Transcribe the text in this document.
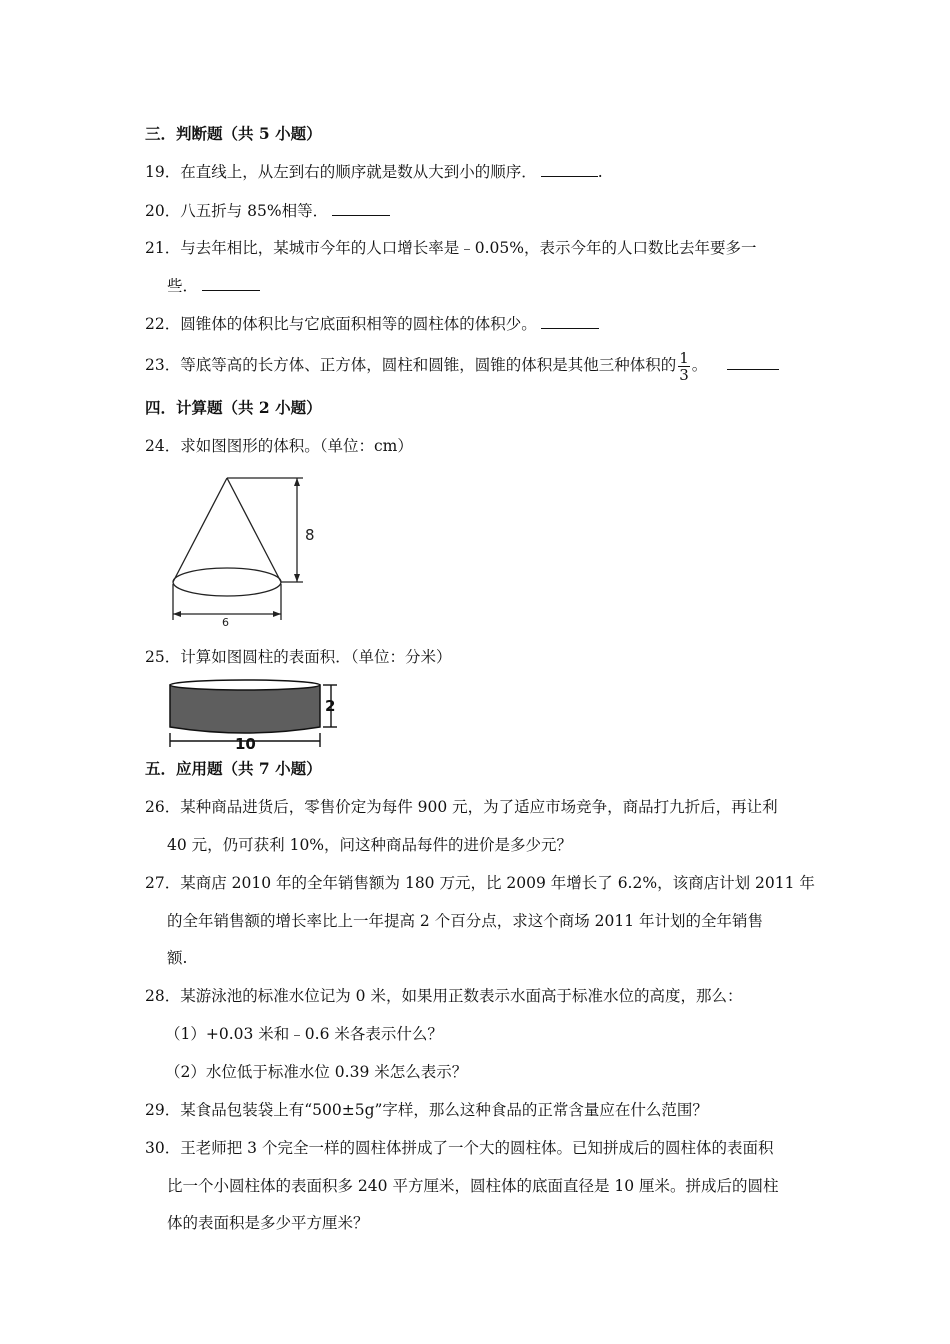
三．判断题（共 5 小题）
19．在直线上，从左到右的顺序就是数从大到小的顺序．	.
20．八五折与 85%相等．
21．与去年相比，某城市今年的人口增长率是﹣0.05%，表示今年的人口数比去年要多一
些．
22．圆锥体的体积比与它底面积相等的圆柱体的体积少。
23．等底等高的长方体、正方体，圆柱和圆锥，圆锥的体积是其他三种体积的 $\frac{1}{3}$ 。
四．计算题（共 2 小题）
24．求如图图形的体积。（单位：cm）
8
6
25．计算如图圆柱的表面积．（单位：分米）
2
10
五．应用题（共 7 小题）
26．某种商品进货后，零售价定为每件 900 元，为了适应市场竞争，商品打九折后，再让利
40 元，仍可获利 10%，问这种商品每件的进价是多少元？
27．某商店 2010 年的全年销售额为 180 万元，比 2009 年增长了 6.2%，该商店计划 2011 年
的全年销售额的增长率比上一年提高 2 个百分点，求这个商场 2011 年计划的全年销售
额.
28．某游泳池的标准水位记为 0 米，如果用正数表示水面高于标准水位的高度，那么：
（1）+0.03 米和﹣0.6 米各表示什么？
（2）水位低于标准水位 0.39 米怎么表示？
29．某食品包装袋上有“500±5g”字样，那么这种食品的正常含量应在什么范围？
30．王老师把 3 个完全一样的圆柱体拼成了一个大的圆柱体。已知拼成后的圆柱体的表面积
比一个小圆柱体的表面积多 240 平方厘米，圆柱体的底面直径是 10 厘米。拼成后的圆柱
体的表面积是多少平方厘米？
